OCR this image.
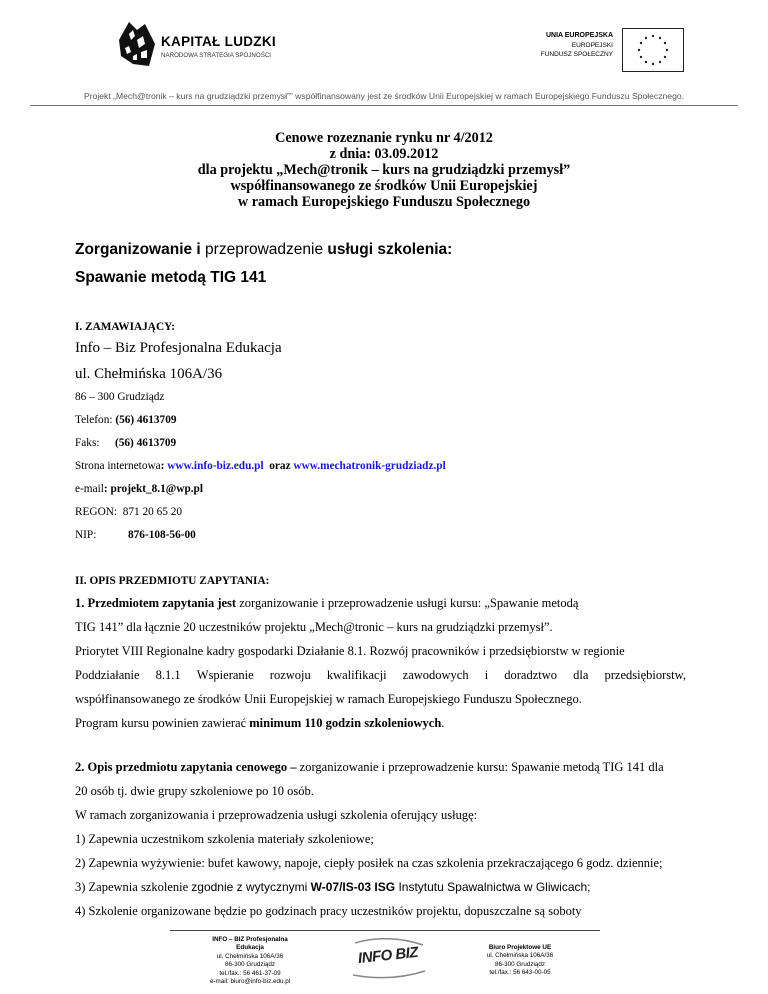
KAPITAŁ LUDZKI
NARODOWA STRATEGIA SPÓJNOŚCI
UNIA EUROPEJSKA
EUROPEJSKI
FUNDUSZ SPOŁECZNY
Projekt „Mech@tronik – kurs na grudziądzki przemysł”” współfinansowany jest ze środków Unii Europejskiej w ramach Europejskiego Funduszu Społecznego.
Cenowe rozeznanie rynku nr 4/2012
z dnia: 03.09.2012
dla projektu „Mech@tronik – kurs na grudziądzki przemysł”
współfinansowanego ze środków Unii Europejskiej
w ramach Europejskiego Funduszu Społecznego
Zorganizowanie i przeprowadzenie usługi szkolenia:
Spawanie metodą TIG 141
I. ZAMAWIAJĄCY:
Info – Biz Profesjonalna Edukacja
ul. Chełmińska 106A/36
86 – 300 Grudziądz
Telefon: (56) 4613709
Faks: (56) 4613709
Strona internetowa: www.info-biz.edu.pl oraz www.mechatronik-grudziadz.pl
e-mail: projekt_8.1@wp.pl
REGON: 871 20 65 20
NIP:	876-108-56-00
II. OPIS PRZEDMIOTU ZAPYTANIA:
1. Przedmiotem zapytania jest zorganizowanie i przeprowadzenie usługi kursu: „Spawanie metodą
TIG 141” dla łącznie 20 uczestników projektu „Mech@tronic – kurs na grudziądzki przemysł”.
Priorytet VIII Regionalne kadry gospodarki Działanie 8.1. Rozwój pracowników i przedsiębiorstw w regionie
Poddziałanie 8.1.1 Wspieranie rozwoju kwalifikacji zawodowych i doradztwo dla przedsiębiorstw,
współfinansowanego ze środków Unii Europejskiej w ramach Europejskiego Funduszu Społecznego.
Program kursu powinien zawierać minimum 110 godzin szkoleniowych.
2. Opis przedmiotu zapytania cenowego – zorganizowanie i przeprowadzenie kursu: Spawanie metodą TIG 141 dla
20 osób tj. dwie grupy szkoleniowe po 10 osób.
W ramach zorganizowania i przeprowadzenia usługi szkolenia oferujący usługę:
1) Zapewnia uczestnikom szkolenia materiały szkoleniowe;
2) Zapewnia wyżywienie: bufet kawowy, napoje, ciepły posiłek na czas szkolenia przekraczającego 6 godz. dziennie;
3) Zapewnia szkolenie zgodnie z wytycznymi W-07/IS-03 ISG Instytutu Spawalnictwa w Gliwicach;
4) Szkolenie organizowane będzie po godzinach pracy uczestników projektu, dopuszczalne są soboty
INFO – BIZ Profesjonalna
Edukacja
ul. Chełmińska 106A/36
86-300 Grudziądz
tel./fax.: 56 461-37-09
e-mail: biuro@info-biz.edu.pl
INFO BIZ	Biuro Projektowe UE
ul. Chełmińska 106A/36
86-300 Grudziądz
tel./fax.: 56 643-00-05
